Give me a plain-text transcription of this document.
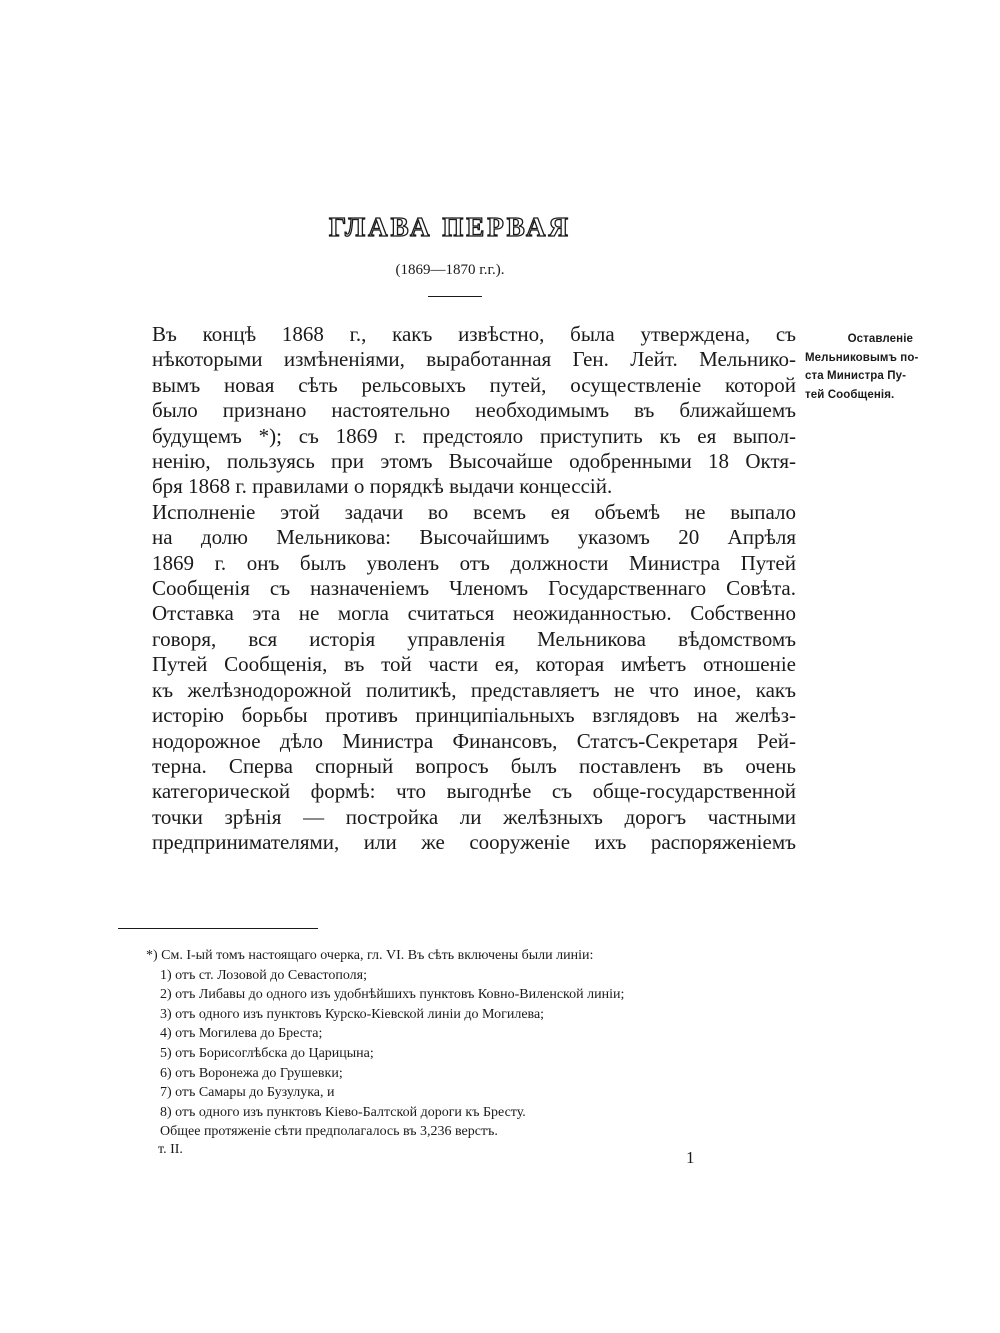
ГЛАВА ПЕРВАЯ
(1869—1870 г.г.).
Оставленіе
Мельниковымъ по-
ста Министра Пу-
тей Сообщенія.

Въ концѣ 1868 г., какъ извѣстно, была утверждена, съ
нѣкоторыми измѣненіями, выработанная Ген. Лейт. Мельнико-
вымъ новая сѣть рельсовыхъ путей, осуществленіе которой
было признано настоятельно необходимымъ въ ближайшемъ
будущемъ *); съ 1869 г. предстояло приступить къ ея выпол-
ненію, пользуясь при этомъ Высочайше одобренными 18 Октя-
бря 1868 г. правилами о порядкѣ выдачи концессій.

Исполненіе этой задачи во всемъ ея объемѣ не выпало
на долю Мельникова: Высочайшимъ указомъ 20 Апрѣля
1869 г. онъ былъ уволенъ отъ должности Министра Путей
Сообщенія съ назначеніемъ Членомъ Государственнаго Совѣта.
Отставка эта не могла считаться неожиданностью. Собственно
говоря, вся исторія управленія Мельникова вѣдомствомъ
Путей Сообщенія, въ той части ея, которая имѣетъ отношеніе
къ желѣзнодорожной политикѣ, представляетъ не что иное, какъ
исторію борьбы противъ принципіальныхъ взглядовъ на желѣз-
нодорожное дѣло Министра Финансовъ, Статсъ-Секретаря Рей-
терна. Сперва спорный вопросъ былъ поставленъ въ очень
категорической формѣ: что выгоднѣе съ обще-государственной
точки зрѣнія — постройка ли желѣзныхъ дорогъ частными
предпринимателями, или же сооруженіе ихъ распоряженіемъ

*) См. I-ый томъ настоящаго очерка, гл. VI. Въ сѣть включены были линіи:
1) отъ ст. Лозовой до Севастополя;
2) отъ Либавы до одного изъ удобнѣйшихъ пунктовъ Ковно-Виленской линіи;
3) отъ одного изъ пунктовъ Курско-Кіевской линіи до Могилева;
4) отъ Могилева до Бреста;
5) отъ Борисоглѣбска до Царицына;
6) отъ Воронежа до Грушевки;
7) отъ Самары до Бузулука, и
8) отъ одного изъ пунктовъ Кіево-Балтской дороги къ Бресту.
Общее протяженіе сѣти предполагалось въ 3,236 верстъ.
т. II.	1
